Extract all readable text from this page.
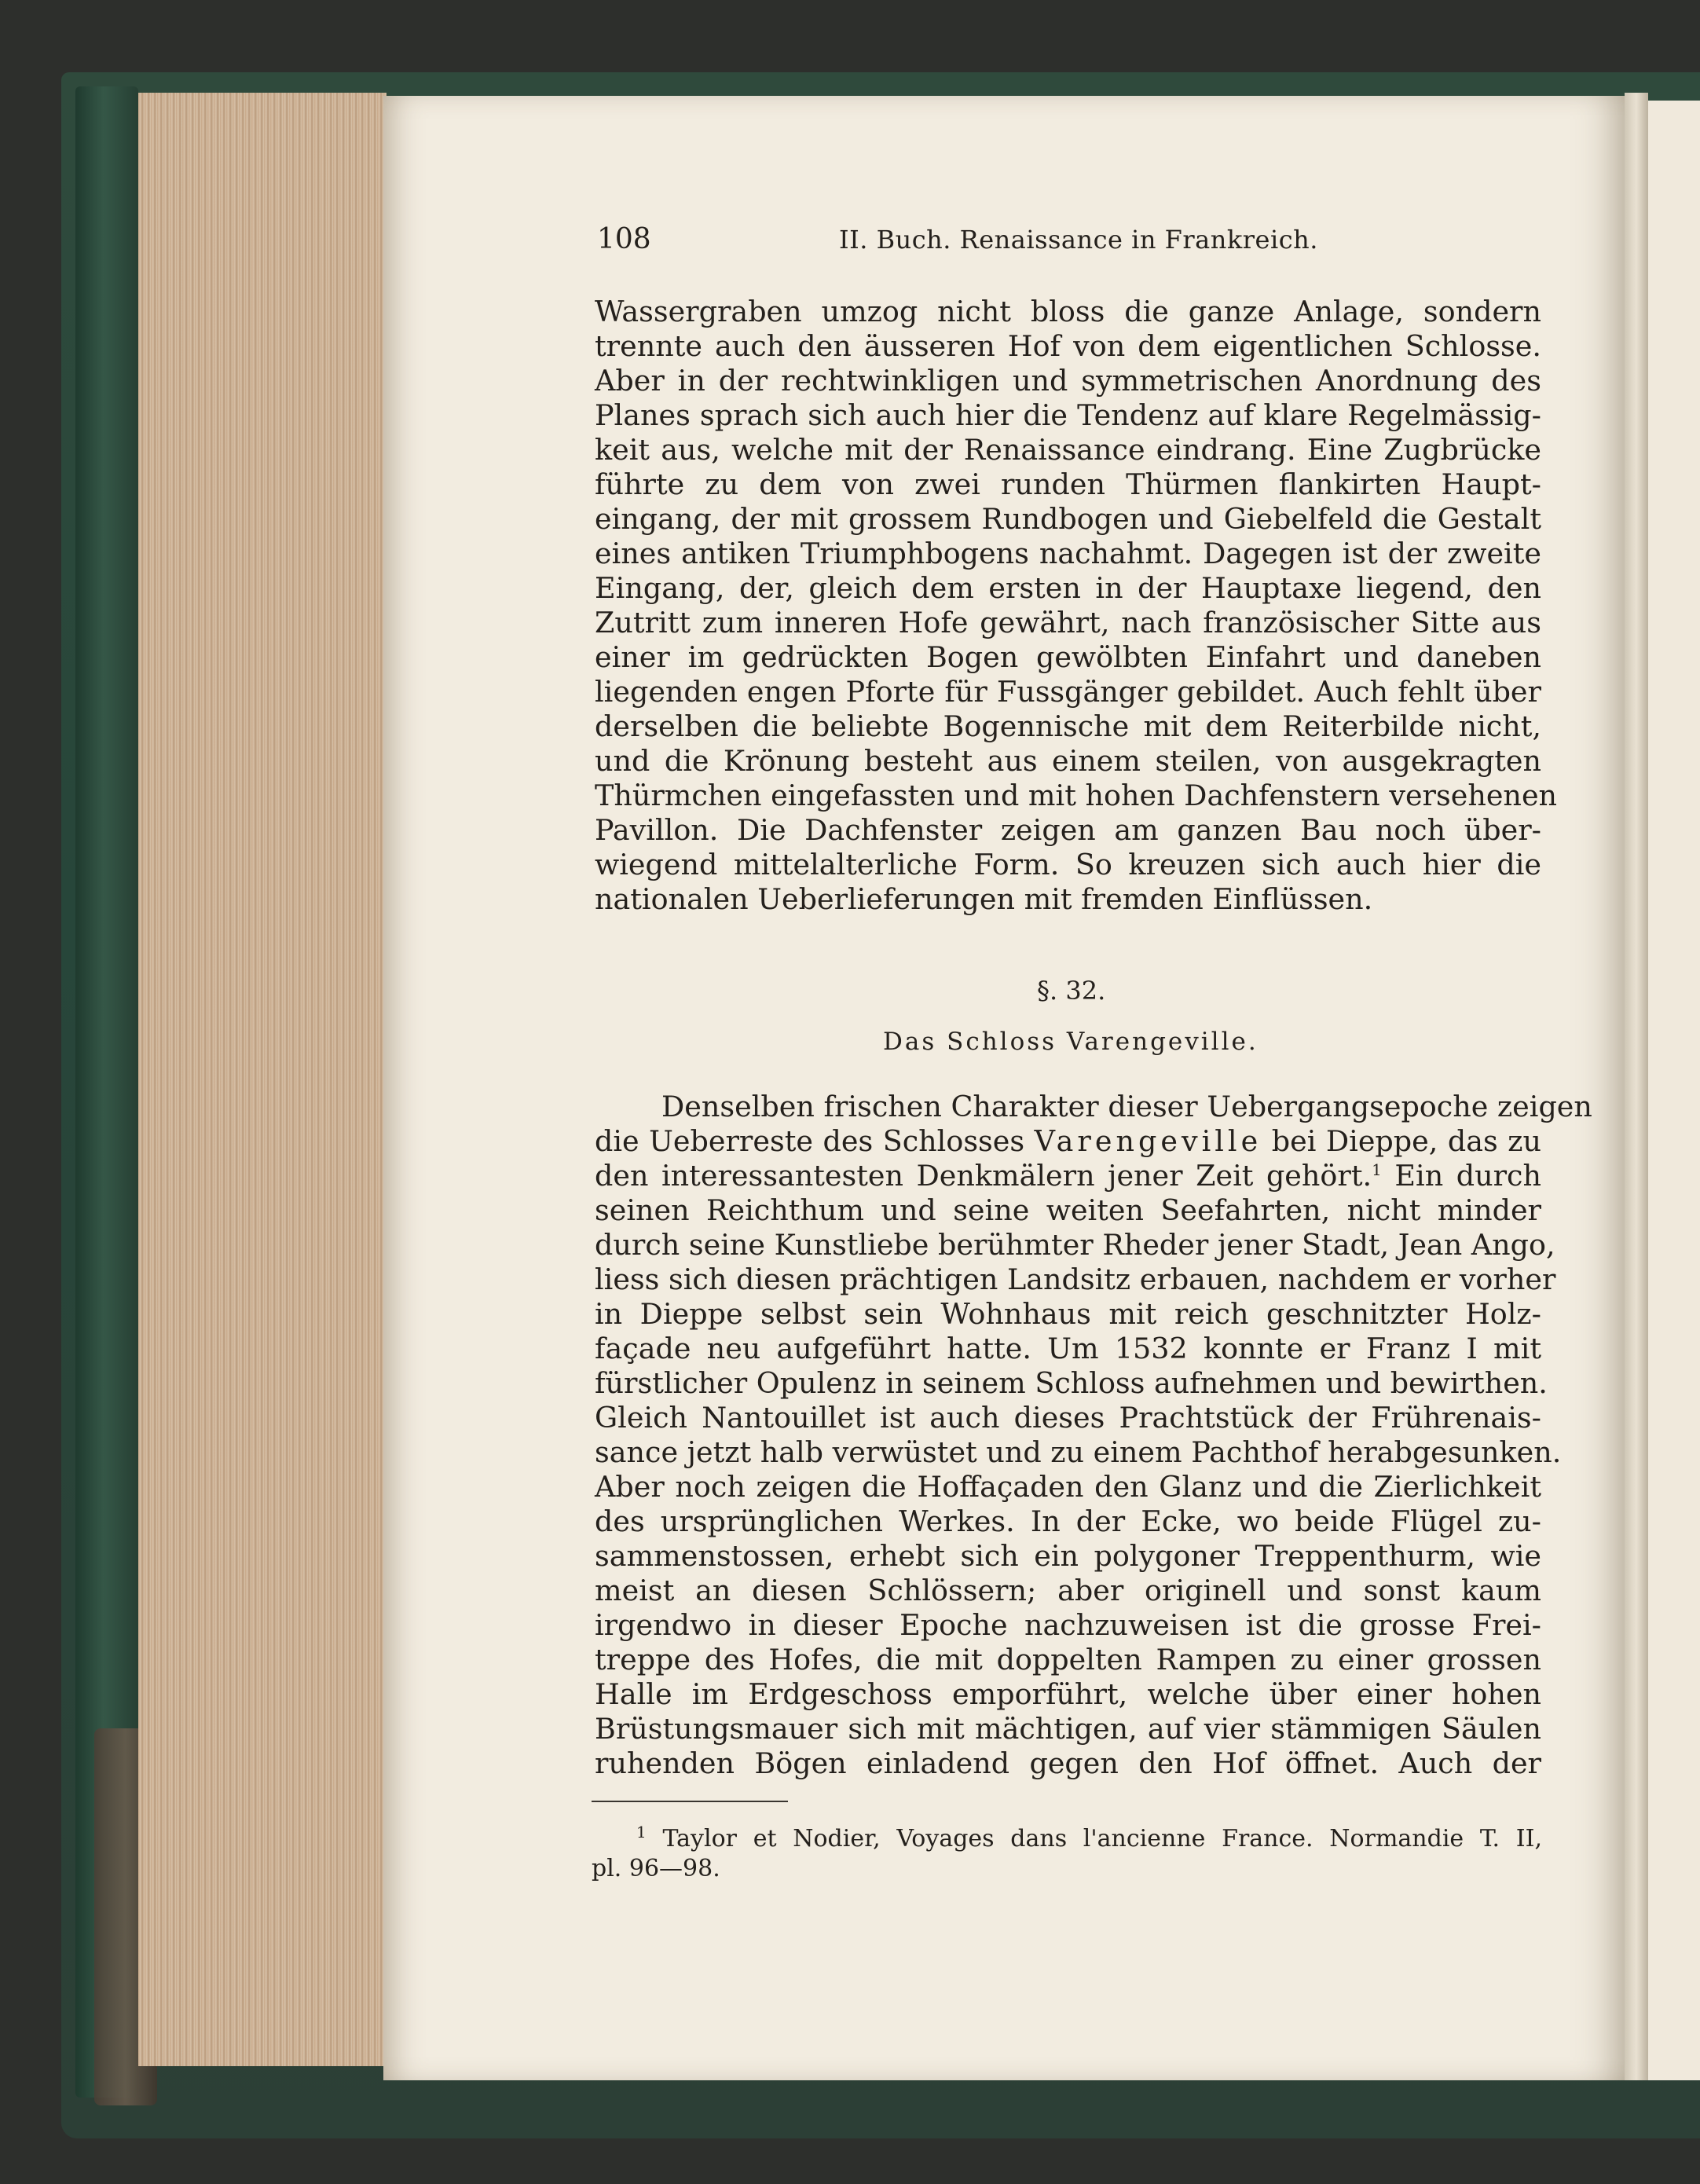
108	II. Buch. Renaissance in Frankreich.
Wassergraben umzog nicht bloss die ganze Anlage, sondern
trennte auch den äusseren Hof von dem eigentlichen Schlosse.
Aber in der rechtwinkligen und symmetrischen Anordnung des
Planes sprach sich auch hier die Tendenz auf klare Regelmässig-
keit aus, welche mit der Renaissance eindrang. Eine Zugbrücke
führte zu dem von zwei runden Thürmen flankirten Haupt-
eingang, der mit grossem Rundbogen und Giebelfeld die Gestalt
eines antiken Triumphbogens nachahmt. Dagegen ist der zweite
Eingang, der, gleich dem ersten in der Hauptaxe liegend, den
Zutritt zum inneren Hofe gewährt, nach französischer Sitte aus
einer im gedrückten Bogen gewölbten Einfahrt und daneben
liegenden engen Pforte für Fussgänger gebildet. Auch fehlt über
derselben die beliebte Bogennische mit dem Reiterbilde nicht,
und die Krönung besteht aus einem steilen, von ausgekragten
Thürmchen eingefassten und mit hohen Dachfenstern versehenen
Pavillon. Die Dachfenster zeigen am ganzen Bau noch über-
wiegend mittelalterliche Form. So kreuzen sich auch hier die
nationalen Ueberlieferungen mit fremden Einflüssen.
§. 32.
Das Schloss Varengeville.
Denselben frischen Charakter dieser Uebergangsepoche zeigen
die Ueberreste des Schlosses Varengeville bei Dieppe, das zu
den interessantesten Denkmälern jener Zeit gehört.$^1$ Ein durch
seinen Reichthum und seine weiten Seefahrten, nicht minder
durch seine Kunstliebe berühmter Rheder jener Stadt, Jean Ango,
liess sich diesen prächtigen Landsitz erbauen, nachdem er vorher
in Dieppe selbst sein Wohnhaus mit reich geschnitzter Holz-
façade neu aufgeführt hatte. Um 1532 konnte er Franz I mit
fürstlicher Opulenz in seinem Schloss aufnehmen und bewirthen.
Gleich Nantouillet ist auch dieses Prachtstück der Frührenais-
sance jetzt halb verwüstet und zu einem Pachthof herabgesunken.
Aber noch zeigen die Hoffaçaden den Glanz und die Zierlichkeit
des ursprünglichen Werkes. In der Ecke, wo beide Flügel zu-
sammenstossen, erhebt sich ein polygoner Treppenthurm, wie
meist an diesen Schlössern; aber originell und sonst kaum
irgendwo in dieser Epoche nachzuweisen ist die grosse Frei-
treppe des Hofes, die mit doppelten Rampen zu einer grossen
Halle im Erdgeschoss emporführt, welche über einer hohen
Brüstungsmauer sich mit mächtigen, auf vier stämmigen Säulen
ruhenden Bögen einladend gegen den Hof öffnet. Auch der
$^1$ Taylor et Nodier, Voyages dans l'ancienne France. Normandie T. II,
pl. 96—98.
